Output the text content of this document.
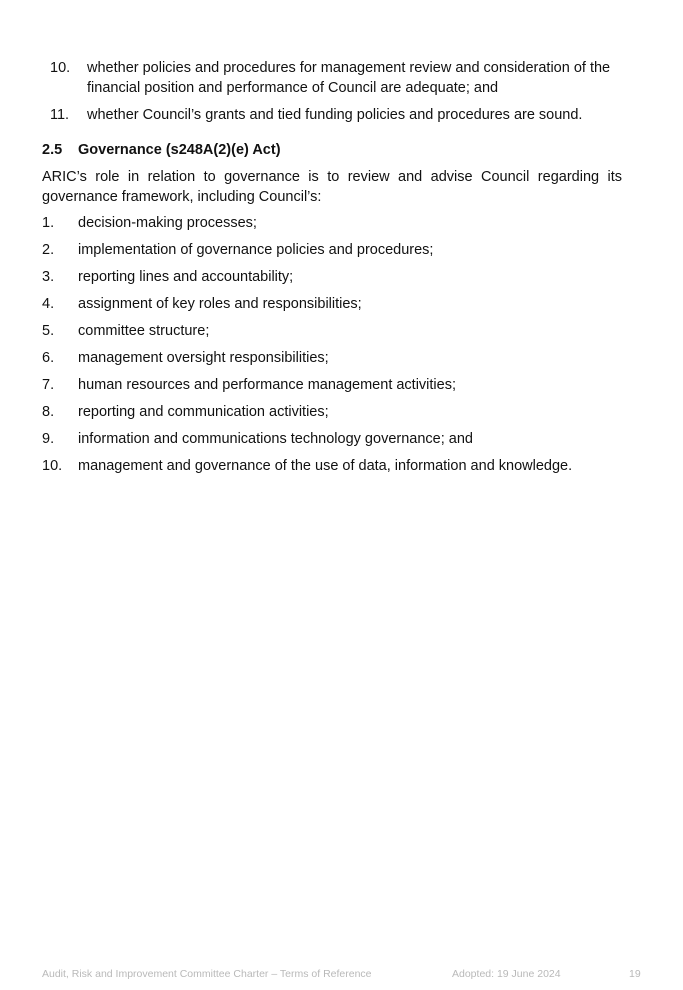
10. whether policies and procedures for management review and consideration of the financial position and performance of Council are adequate; and
11. whether Council’s grants and tied funding policies and procedures are sound.
2.5 Governance (s248A(2)(e) Act)
ARIC’s role in relation to governance is to review and advise Council regarding its governance framework, including Council’s:
1. decision-making processes;
2. implementation of governance policies and procedures;
3. reporting lines and accountability;
4. assignment of key roles and responsibilities;
5. committee structure;
6. management oversight responsibilities;
7. human resources and performance management activities;
8. reporting and communication activities;
9. information and communications technology governance; and
10. management and governance of the use of data, information and knowledge.
Audit, Risk and Improvement Committee Charter – Terms of Reference	Adopted: 19 June 2024	19
